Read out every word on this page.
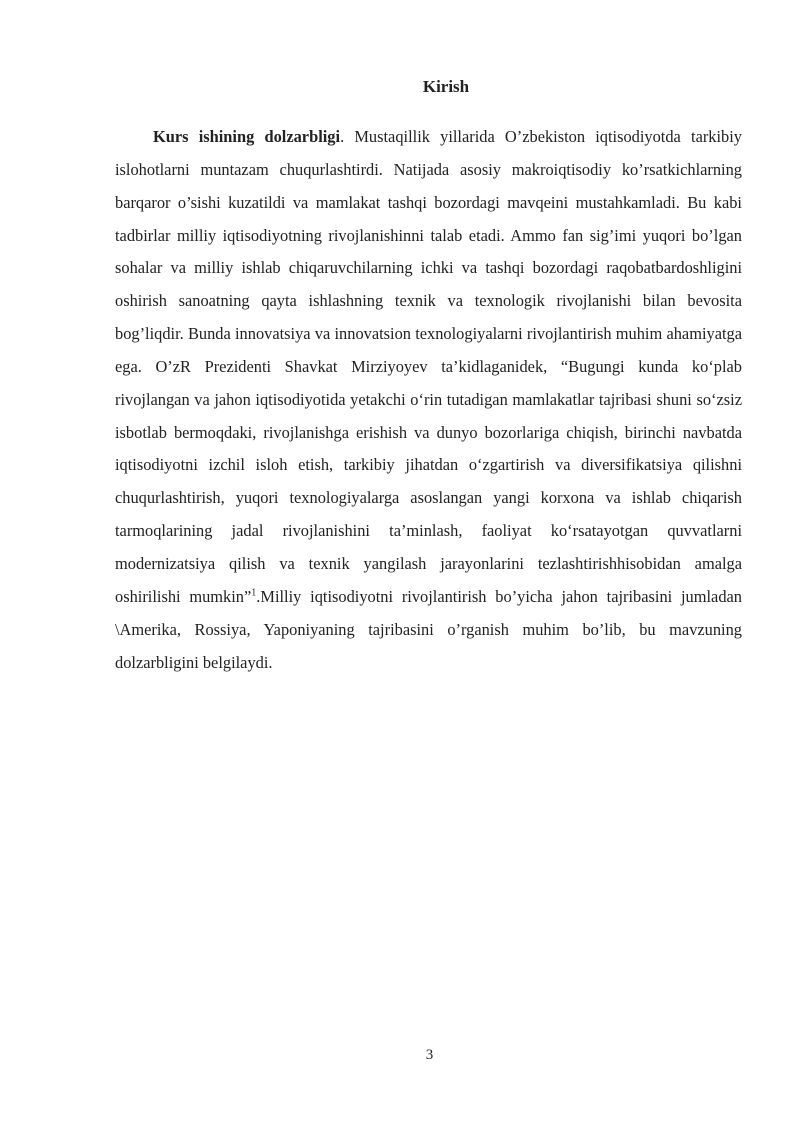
Kirish

Kurs ishining dolzarbligi. Mustaqillik yillarida O’zbekiston iqtisodiyotda tarkibiy islohotlarni muntazam chuqurlashtirdi. Natijada asosiy makroiqtisodiy ko’rsatkichlarning barqaror o’sishi kuzatildi va mamlakat tashqi bozordagi mavqeini mustahkamladi. Bu kabi tadbirlar milliy iqtisodiyotning rivojlanishinni talab etadi. Ammo fan sig’imi yuqori bo’lgan sohalar va milliy ishlab chiqaruvchilarning ichki va tashqi bozordagi raqobatbardoshligini oshirish sanoatning qayta ishlashning texnik va texnologik rivojlanishi bilan bevosita bog’liqdir. Bunda innovatsiya va innovatsion texnologiyalarni rivojlantirish muhim ahamiyatga ega. O’zR Prezidenti Shavkat Mirziyoyev ta’kidlaganidek, “Bugungi kunda ko‘plab rivojlangan va jahon iqtisodiyotida yetakchi o‘rin tutadigan mamlakatlar tajribasi shuni so‘zsiz isbotlab bermoqdaki, rivojlanishga erishish va dunyo bozorlariga chiqish, birinchi navbatda iqtisodiyotni izchil isloh etish, tarkibiy jihatdan o‘zgartirish va diversifikatsiya qilishni chuqurlashtirish, yuqori texnologiyalarga asoslangan yangi korxona va ishlab chiqarish tarmoqlarining jadal rivojlanishini ta’minlash, faoliyat ko‘rsatayotgan quvvatlarni modernizatsiya qilish va texnik yangilash jarayonlarini tezlashtirishhisobidan amalga oshirilishi mumkin”$^1$.Milliy iqtisodiyotni rivojlantirish bo’yicha jahon tajribasini jumladan \Amerika, Rossiya, Yaponiyaning tajribasini o’rganish muhim bo’lib, bu mavzuning dolzarbligini belgilaydi.

3
